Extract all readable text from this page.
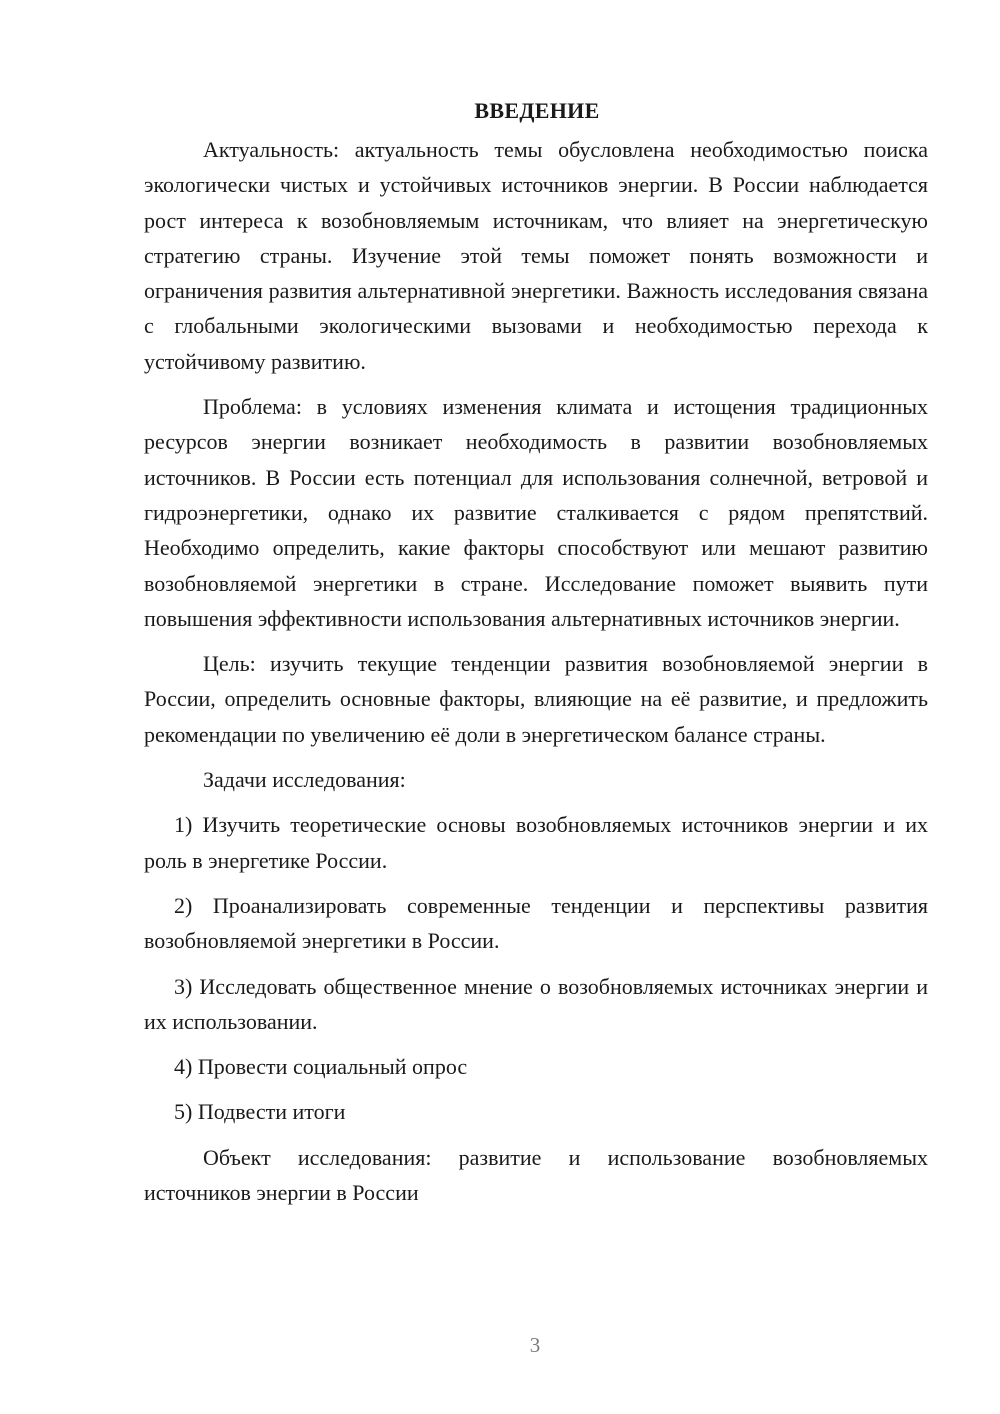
ВВЕДЕНИЕ

Актуальность: актуальность темы обусловлена необходимостью поиска экологически чистых и устойчивых источников энергии. В России наблюдается рост интереса к возобновляемым источникам, что влияет на энергетическую стратегию страны. Изучение этой темы поможет понять возможности и ограничения развития альтернативной энергетики. Важность исследования связана с глобальными экологическими вызовами и необходимостью перехода к устойчивому развитию.

Проблема: в условиях изменения климата и истощения традиционных ресурсов энергии возникает необходимость в развитии возобновляемых источников. В России есть потенциал для использования солнечной, ветровой и гидроэнергетики, однако их развитие сталкивается с рядом препятствий. Необходимо определить, какие факторы способствуют или мешают развитию возобновляемой энергетики в стране. Исследование поможет выявить пути повышения эффективности использования альтернативных источников энергии.

Цель: изучить текущие тенденции развития возобновляемой энергии в России, определить основные факторы, влияющие на её развитие, и предложить рекомендации по увеличению её доли в энергетическом балансе страны.

Задачи исследования:

1) Изучить теоретические основы возобновляемых источников энергии и их роль в энергетике России.

2) Проанализировать современные тенденции и перспективы развития возобновляемой энергетики в России.

3) Исследовать общественное мнение о возобновляемых источниках энергии и их использовании.

4) Провести социальный опрос

5) Подвести итоги

Объект исследования: развитие и использование возобновляемых источников энергии в России

3
